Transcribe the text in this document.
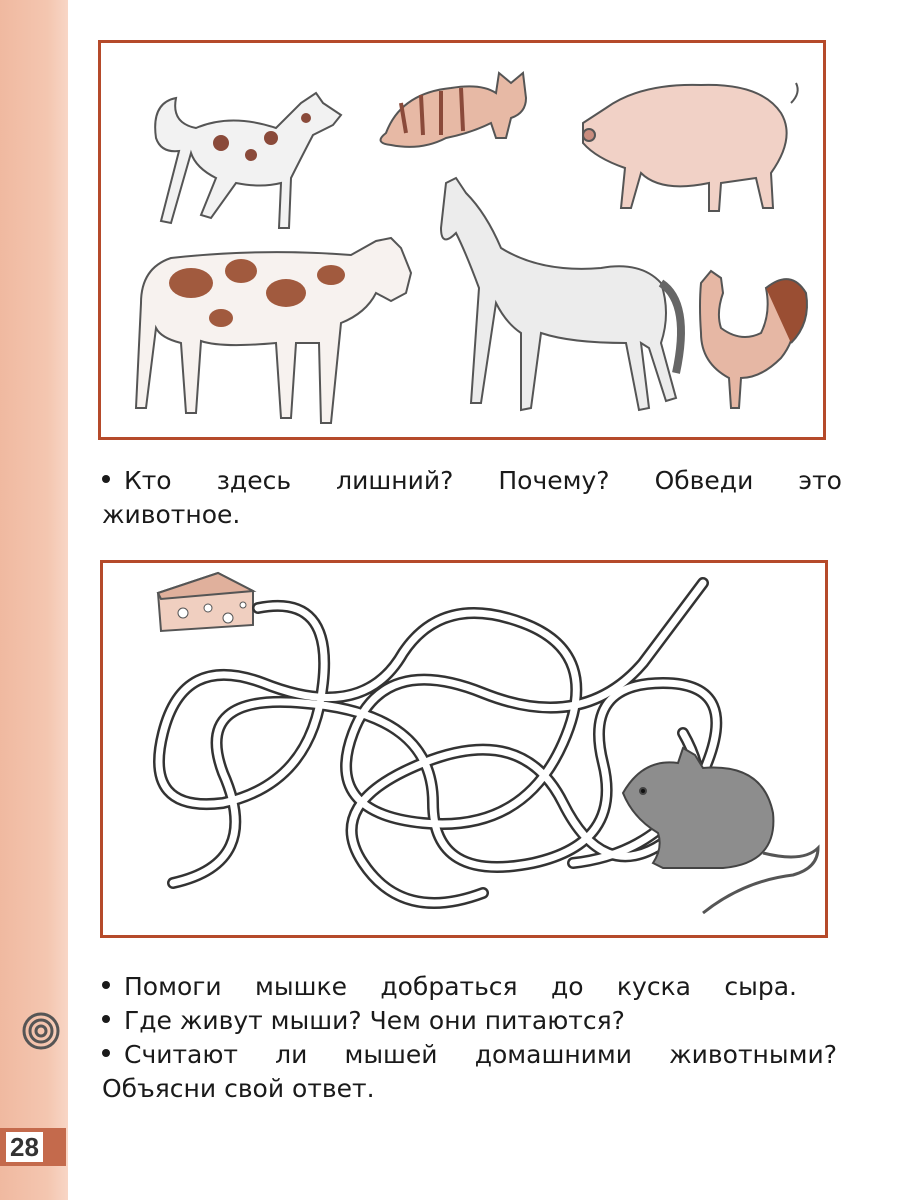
Кто здесь лишний? Почему? Обведи это
животное.
Помоги мышке добраться до куска сыра.
Где живут мыши? Чем они питаются?
Считают ли мышей домашними животными?
Объясни свой ответ.
28
